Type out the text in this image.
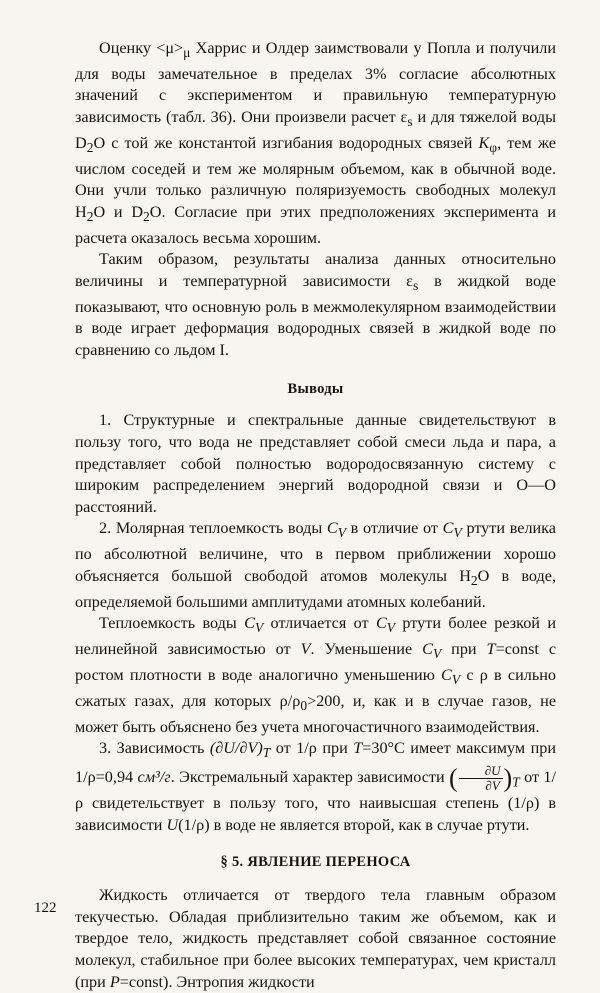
Оценку $<\mu>_\mu$ Харрис и Олдер заимствовали у Попла и получили для воды замечательное в пределах 3% согласие абсолютных значений с экспериментом и правильную температурную зависимость (табл. 36). Они произвели расчет $\varepsilon_s$ и для тяжелой воды $D_2O$ с той же константой изгибания водородных связей $K_\varphi$, тем же числом соседей и тем же молярным объемом, как в обычной воде. Они учли только различную поляризуемость свободных молекул $H_2O$ и $D_2O$. Согласие при этих предположениях эксперимента и расчета оказалось весьма хорошим.

Таким образом, результаты анализа данных относительно величины и температурной зависимости $\varepsilon_s$ в жидкой воде показывают, что основную роль в межмолекулярном взаимодействии в воде играет деформация водородных связей в жидкой воде по сравнению со льдом I.

Выводы

1. Структурные и спектральные данные свидетельствуют в пользу того, что вода не представляет собой смеси льда и пара, а представляет собой полностью водородосвязанную систему с широким распределением энергий водородной связи и O—O расстояний.

2. Молярная теплоемкость воды $C_V$ в отличие от $C_V$ ртути велика по абсолютной величине, что в первом приближении хорошо объясняется большой свободой атомов молекулы $H_2O$ в воде, определяемой большими амплитудами атомных колебаний.

Теплоемкость воды $C_V$ отличается от $C_V$ ртути более резкой и нелинейной зависимостью от V. Уменьшение $C_V$ при T=const с ростом плотности в воде аналогично уменьшению $C_V$ с ρ в сильно сжатых газах, для которых $\rho/\rho_0>200$, и, как и в случае газов, не может быть объяснено без учета многочастичного взаимодействия.

3. Зависимость $(\partial U/\partial V)_T$ от 1/ρ при T=30°C имеет максимум при 1/ρ=0,94 см³/г. Экстремальный характер зависимости ( $\frac{\partial U}{\partial V} )_T$ от 1/ρ свидетельствует в пользу того, что наивысшая степень (1/ρ) в зависимости U(1/ρ) в воде не является второй, как в случае ртути.

§ 5. ЯВЛЕНИЕ ПЕРЕНОСА

Жидкость отличается от твердого тела главным образом текучестью. Обладая приблизительно таким же объемом, как и твердое тело, жидкость представляет собой связанное состояние молекул, стабильное при более высоких температурах, чем кристалл (при P=const). Энтропия жидкости

122
